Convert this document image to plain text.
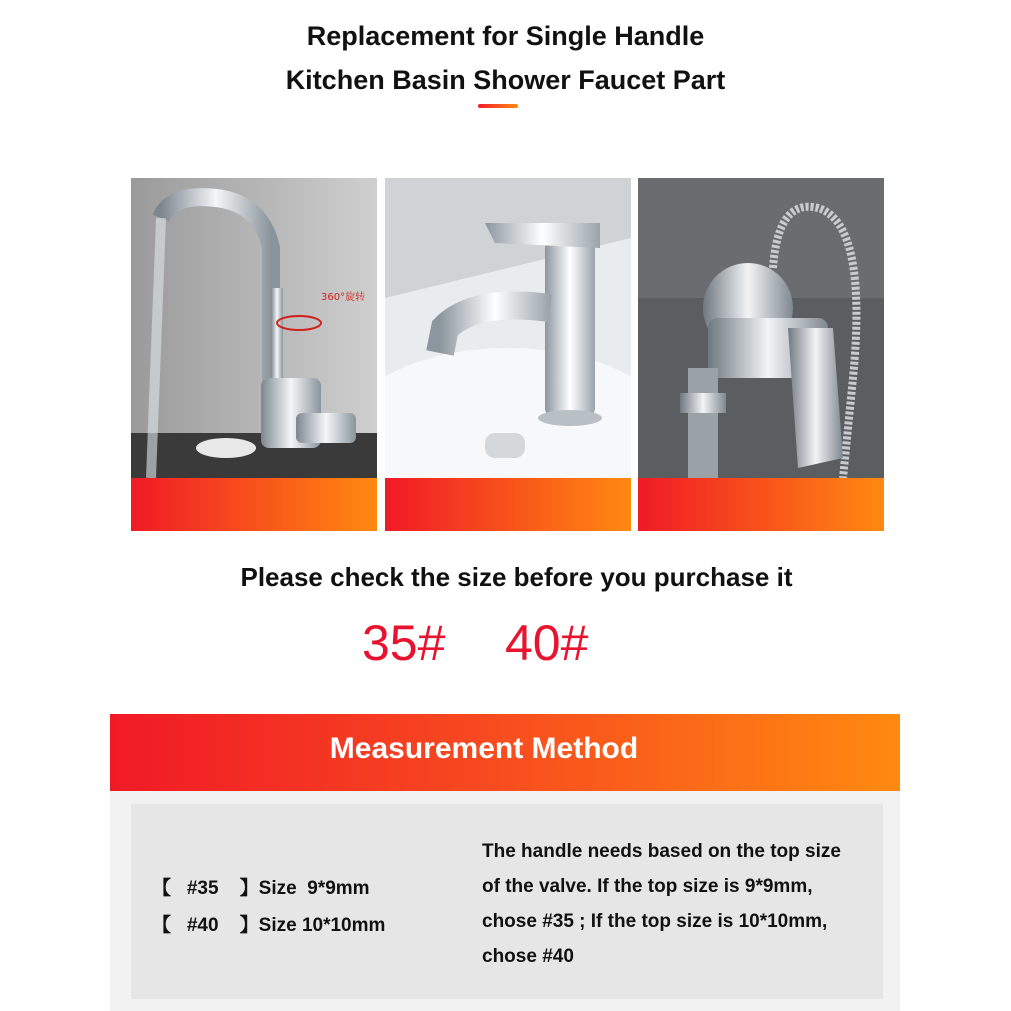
Replacement for Single Handle
Kitchen Basin Shower Faucet Part
360°旋转
Please check the size before you purchase it
35# 40#
Measurement Method
【   #35    】Size  9*9mm
【   #40    】Size 10*10mm
The handle needs based on the top size
of the valve. If the top size is 9*9mm,
chose #35 ; If the top size is 10*10mm,
chose #40
